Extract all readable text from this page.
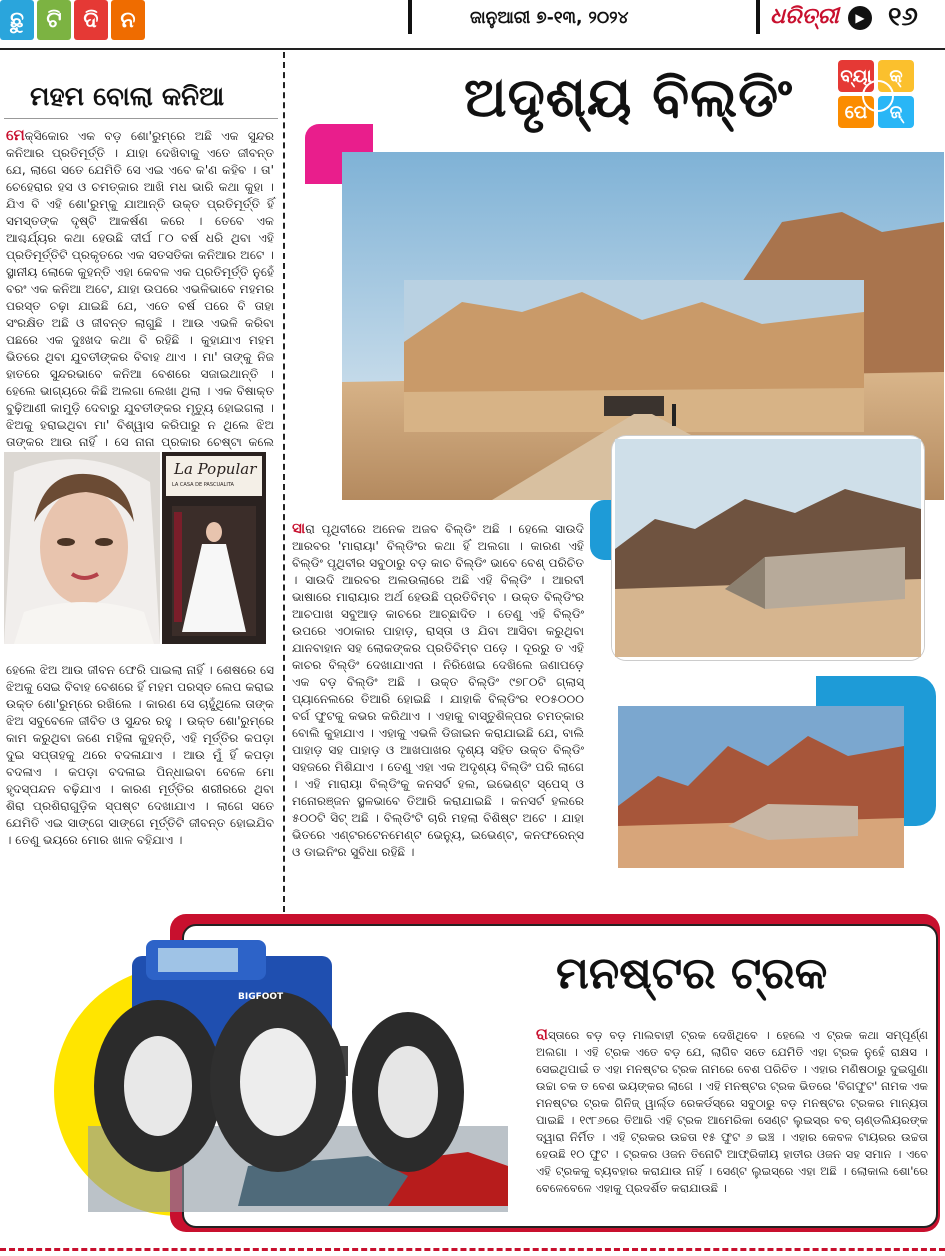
ଛୁ	ଟି ଦି ନ	ଜାନୁଆରୀ ୭-୧୩, ୨୦୨୪	ଧରିତ୍ରୀ	▶ ୧୬
ମହମ ବୋଲା କନିଆ
ମେକ୍ସିକୋର ଏକ ବଡ଼ ଶୋ'ରୁମ୍‌ରେ ଅଛି ଏକ ସୁନ୍ଦର କନିଆର ପ୍ରତିମୂର୍ତ୍ତି । ଯାହା ଦେଖିବାକୁ ଏତେ ଜୀବନ୍ତ ଯେ, ଲାଗେ ସତେ ଯେମିତି ସେ ଏଇ ଏବେ କ'ଣ କହିବ । ତା' ଚେହେରାର ହସ ଓ ଚମତ୍କାର ଆଖି ମଧ ଭାରି କଥା କୁହା । ଯିଏ ବି ଏହି ଶୋ'ରୁମ୍‌କୁ ଯାଆନ୍ତି ଉକ୍ତ ପ୍ରତିମୂର୍ତ୍ତି ହିଁ ସମସ୍ତଙ୍କ ଦୃଷ୍ଟି ଆକର୍ଷଣ କରେ । ତେବେ ଏକ ଆଶ୍ଚର୍ଯ୍ୟର କଥା ହେଉଛି ଦୀର୍ଘ ୮୦ ବର୍ଷ ଧରି ଥିବା ଏହି ପ୍ରତିମୂର୍ତ୍ତିଟି ପ୍ରକୃତରେ ଏକ ସତସତିକା କନିଆର ଅଟେ । ସ୍ଥାନୀୟ ଲୋକେ କୁହନ୍ତି ଏହା କେବଳ ଏକ ପ୍ରତିମୂର୍ତ୍ତି ନୁହେଁ ବରଂ ଏକ କନିଆ ଅଟେ, ଯାହା ଉପରେ ଏଭଳିଭାବେ ମହମର ପରସ୍ତ ଚଢ଼ା ଯାଇଛି ଯେ, ଏତେ ବର୍ଷ ପରେ ବି ତାହା ସଂରକ୍ଷିତ ଅଛି ଓ ଜୀବନ୍ତ ଲାଗୁଛି । ଆଉ ଏଭଳି କରିବା ପଛରେ ଏକ ଦୁଃଖଦ କଥା ବି ରହିଛି । କୁହାଯାଏ ମହମ ଭିତରେ ଥିବା ଯୁବତୀଙ୍କର ବିବାହ ଥାଏ । ମା' ତାଙ୍କୁ ନିଜ ହାତରେ ସୁନ୍ଦରଭାବେ କନିଆ ବେଶରେ ସଜାଇଥାନ୍ତି । ହେଲେ ଭାଗ୍ୟରେ କିଛି ଅଲଗା ଲେଖା ଥିଲା । ଏକ ବିଷାକ୍ତ ବୁଢ଼ିଆଣୀ କାମୁଡ଼ି ଦେବାରୁ ଯୁବତୀଙ୍କର ମୃତ୍ୟୁ ହୋଇଗଲା । ଝିଅକୁ ହରାଇଥିବା ମା' ବିଶ୍ୱାସ କରିପାରୁ ନ ଥିଲେ ଝିଅ ତାଙ୍କର ଆଉ ନାହିଁ । ସେ ନାନା ପ୍ରକାର ଚେଷ୍ଟା କଲେ
La Popular
LA CASA DE PASCUALITA
ହେଲେ ଝିଅ ଆଉ ଜୀବନ ଫେରି ପାଇଲା ନାହିଁ । ଶେଷରେ ସେ ଝିଅକୁ ସେଇ ବିବାହ ବେଶରେ ହିଁ ମହମ ପରସ୍ତ ଲେପ କରାଇ ଉକ୍ତ ଶୋ'ରୁମ୍‌ରେ ରଖିଲେ । କାରଣ ସେ ଚାହୁଁଥିଲେ ତାଙ୍କ ଝିଅ ସବୁବେଳେ ଜୀବିତ ଓ ସୁନ୍ଦର ରହୁ । ଉକ୍ତ ଶୋ'ରୁମ୍‌ରେ କାମ କରୁଥିବା ଜଣେ ମହିଳା କୁହନ୍ତି, ଏହି ମୂର୍ତ୍ତିର କପଡ଼ା ଦୁଇ ସପ୍ତାହକୁ ଥରେ ବଦଳାଯାଏ । ଆଉ ମୁଁ ହିଁ କପଡ଼ା ବଦଳାଏ । କପଡ଼ା ବଦଳାଇ ପିନ୍ଧାଇବା ବେଳେ ମୋ ହୃଦସ୍ପନ୍ଦନ ବଢ଼ିଯାଏ । କାରଣ ମୂର୍ତ୍ତିର ଶରୀରରେ ଥିବା ଶିରା ପ୍ରଶିରାଗୁଡ଼ିକ ସ୍ପଷ୍ଟ ଦେଖାଯାଏ । ଲାଗେ ସତେ ଯେମିତି ଏଇ ସାଙ୍ଗେ ସାଙ୍ଗେ ମୂର୍ତ୍ତିଟି ଜୀବନ୍ତ ହୋଇଯିବ । ତେଣୁ ଭୟରେ ମୋର ଖାଳ ବହିଯାଏ ।
ଅଦୃଶ୍ୟ ବିଲ୍ଡିଂ	ବ୍ୟା କ୍
ପେ	ଜ୍
ସାରା ପୃଥିବୀରେ ଅନେକ ଅଜବ ବିଲ୍ଡିଂ ଅଛି । ହେଲେ ସାଉଦି ଆରବର 'ମାରାୟା' ବିଲ୍ଡିଂର କଥା ହିଁ ଅଲଗା । କାରଣ ଏହି ବିଲ୍ଡିଂ ପୃଥିବୀର ସବୁଠାରୁ ବଡ଼ କାଚ ବିଲ୍ଡିଂ ଭାବେ ବେଶ୍ ପରିଚିତ । ସାଉଦି ଆରବର ଅଲଉଲାରେ ଅଛି ଏହି ବିଲ୍ଡିଂ । ଆରବୀ ଭାଷାରେ ମାରାୟାର ଅର୍ଥ ହେଉଛି ପ୍ରତିବିମ୍ବ । ଉକ୍ତ ବିଲ୍ଡିଂର ଆଚପାଖ ସବୁଆଡ଼ କାଚରେ ଆଚ୍ଛାଦିତ । ତେଣୁ ଏହି ବିଲ୍ଡିଂ ଉପରେ ଏଠାକାର ପାହାଡ଼, ରାସ୍ତା ଓ ଯିବା ଆସିବା କରୁଥିବା ଯାନବାହାନ ସହ ଲୋକଙ୍କର ପ୍ରତିବିମ୍ବ ପଡ଼େ । ଦୂରରୁ ତ ଏହି କାଚର ବିଲ୍ଡିଂ ଦେଖାଯାଏନା । ନିରିଖେଇ ଦେଖିଲେ ଜଣାପଡ଼େ ଏକ ବଡ଼ ବିଲ୍ଡିଂ ଅଛି । ଉକ୍ତ ବିଲ୍ଡିଂ ୯୭୮୦ଟି ଗ୍ଲାସ୍ ପ୍ୟାନେଲରେ ତିଆରି ହୋଇଛି । ଯାହାକି ବିଲ୍ଡିଂର ୧୦୫୦୦୦ ବର୍ଗ ଫୁଟକୁ କଭର କରିଥାଏ । ଏହାକୁ ବାସ୍ତୁଶିଳ୍ପର ଚମତ୍କାର ବୋଲି କୁହାଯାଏ । ଏହାକୁ ଏଭଳି ଡିଜାଇନ କରାଯାଇଛି ଯେ, ବାଲି ପାହାଡ଼ ସହ ପାହାଡ଼ ଓ ଆଖପାଖର ଦୃଶ୍ୟ ସହିତ ଉକ୍ତ ବିଲ୍ଡିଂ ସହଜରେ ମିଶିଯାଏ । ତେଣୁ ଏହା ଏକ ଅଦୃଶ୍ୟ ବିଲ୍ଡିଂ ପରି ଲାଗେ । ଏହି ମାରାୟା ବିଲ୍ଡିଂକୁ କନସର୍ଟ ହଲ, ଇଭେଣ୍ଟ ସ୍ପେସ୍ ଓ ମନୋରଞ୍ଜନ ସ୍ଥଳଭାବେ ତିଆରି କରାଯାଇଛି । କନସର୍ଟ ହଲରେ ୫୦୦ଟି ସିଟ୍ ଅଛି । ବିଲ୍ଡିଂଟି ଚାରି ମହଲା ବିଶିଷ୍ଟ ଅଟେ । ଯାହା ଭିତରେ ଏଣ୍ଟରଟେନମେଣ୍ଟ ଭେନ୍ୟୁ, ଇଭେଣ୍ଟ, କନଫରେନ୍ସ ଓ ଡାଇନିଂର ସୁବିଧା ରହିଛି ।
BIGFOOT	ମନଷ୍ଟର ଟ୍ରକ
ରାସ୍ତାରେ ବଡ଼ ବଡ଼ ମାଲବାହୀ ଟ୍ରକ ଦେଖିଥିବେ । ହେଲେ ଏ ଟ୍ରକ କଥା ସମ୍ପୂର୍ଣ୍ଣ ଅଲଗା । ଏହି ଟ୍ରକ ଏତେ ବଡ଼ ଯେ, ଲାଗିବ ସତେ ଯେମିତି ଏହା ଟ୍ରକ ନୁହେଁ ରାକ୍ଷସ । ସେଇଥିପାଇଁ ତ ଏହା ମନଷ୍ଟର ଟ୍ରକ ନାମରେ ବେଶ ପରିଚିତ । ଏହାର ମଣିଷଠାରୁ ଦୁଇଗୁଣା ଉଚ୍ଚା ଚକ ତ ବେଶ ଭୟଙ୍କର ଲାଗେ । ଏହି ମନଷ୍ଟର ଟ୍ରକ ଭିତରେ 'ବିଗଫୁଟ' ନାମକ ଏକ ମନଷ୍ଟର ଟ୍ରକ ଗିନିଜ୍ ୱାର୍ଲ୍ଡ ରେକର୍ଡସ୍‌ରେ ସବୁଠାରୁ ବଡ଼ ମନଷ୍ଟର ଟ୍ରକର ମାନ୍ୟତା ପାଇଛି । ୧୯୮୬ରେ ତିଆରି ଏହି ଟ୍ରକ ଆମେରିକା ସେଣ୍ଟ ଲୁଇସ୍‌ର ବବ୍ ଚାଣ୍ଡଲିୟରଙ୍କ ଦ୍ୱାରା ନିର୍ମିତ । ଏହି ଟ୍ରକର ଉଚ୍ଚତା ୧୫ ଫୁଟ ୬ ଇଞ୍ଚ । ଏହାର କେବଳ ଟାୟରର ଉଚ୍ଚତା ହେଉଛି ୧୦ ଫୁଟ । ଟ୍ରକର ଓଜନ ତିନୋଟି ଆଫ୍ରିକୀୟ ହାତୀର ଓଜନ ସହ ସମାନ । ଏବେ ଏହି ଟ୍ରକକୁ ବ୍ୟବହାର କରାଯାଉ ନାହିଁ । ସେଣ୍ଟ ଲୁଇସ୍‌ରେ ଏହା ଅଛି । ଲୋକାଲ ଶୋ'ରେ ବେଳେବେଳେ ଏହାକୁ ପ୍ରଦର୍ଶିତ କରାଯାଉଛି ।
